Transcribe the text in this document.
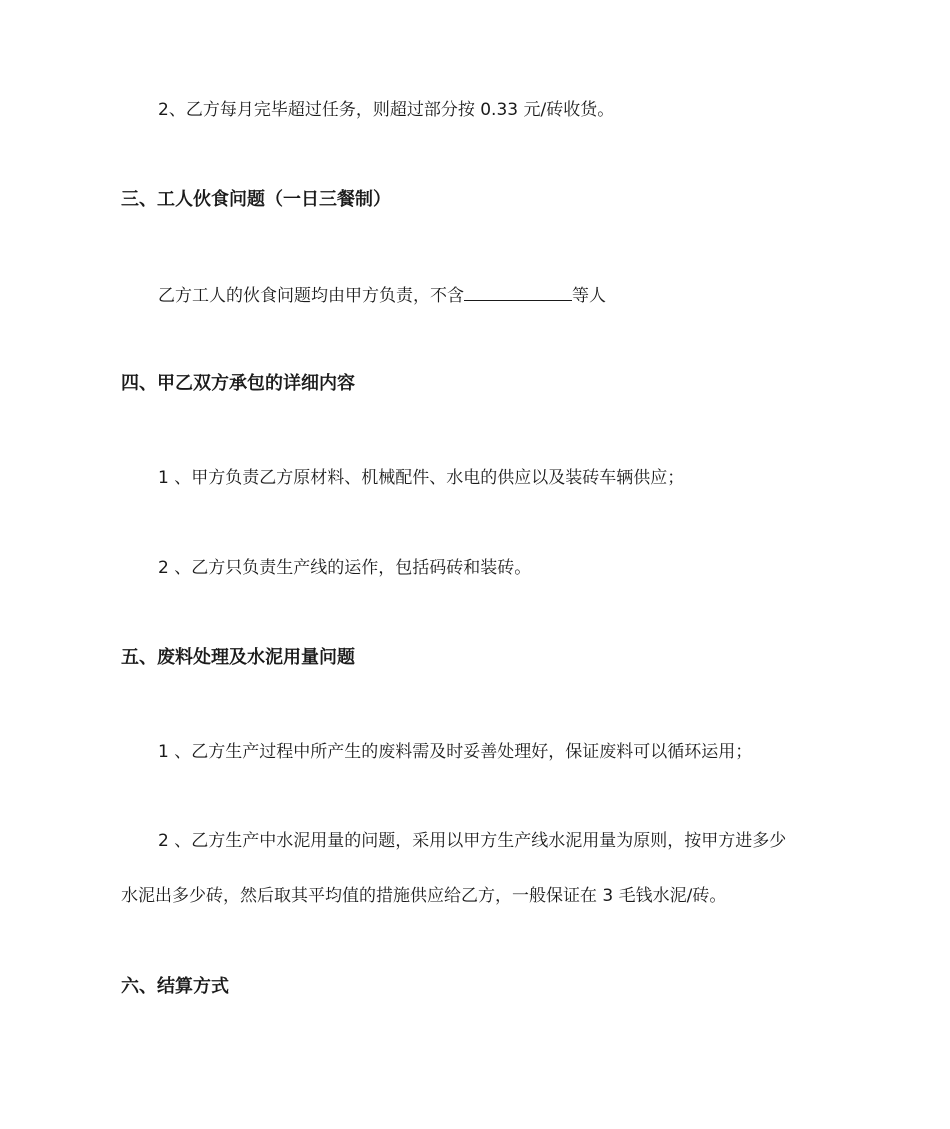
2、乙方每月完毕超过任务，则超过部分按 0.33 元/砖收货。
三、工人伙食问题（一日三餐制）
乙方工人的伙食问题均由甲方负责，不含	等人
四、甲乙双方承包的详细内容
1 、甲方负责乙方原材料、机械配件、水电的供应以及装砖车辆供应；
2 、乙方只负责生产线的运作，包括码砖和装砖。
五、废料处理及水泥用量问题
1 、乙方生产过程中所产生的废料需及时妥善处理好，保证废料可以循环运用；
2 、乙方生产中水泥用量的问题，采用以甲方生产线水泥用量为原则，按甲方进多少
水泥出多少砖，然后取其平均值的措施供应给乙方，一般保证在 3 毛钱水泥/砖。
六、结算方式
